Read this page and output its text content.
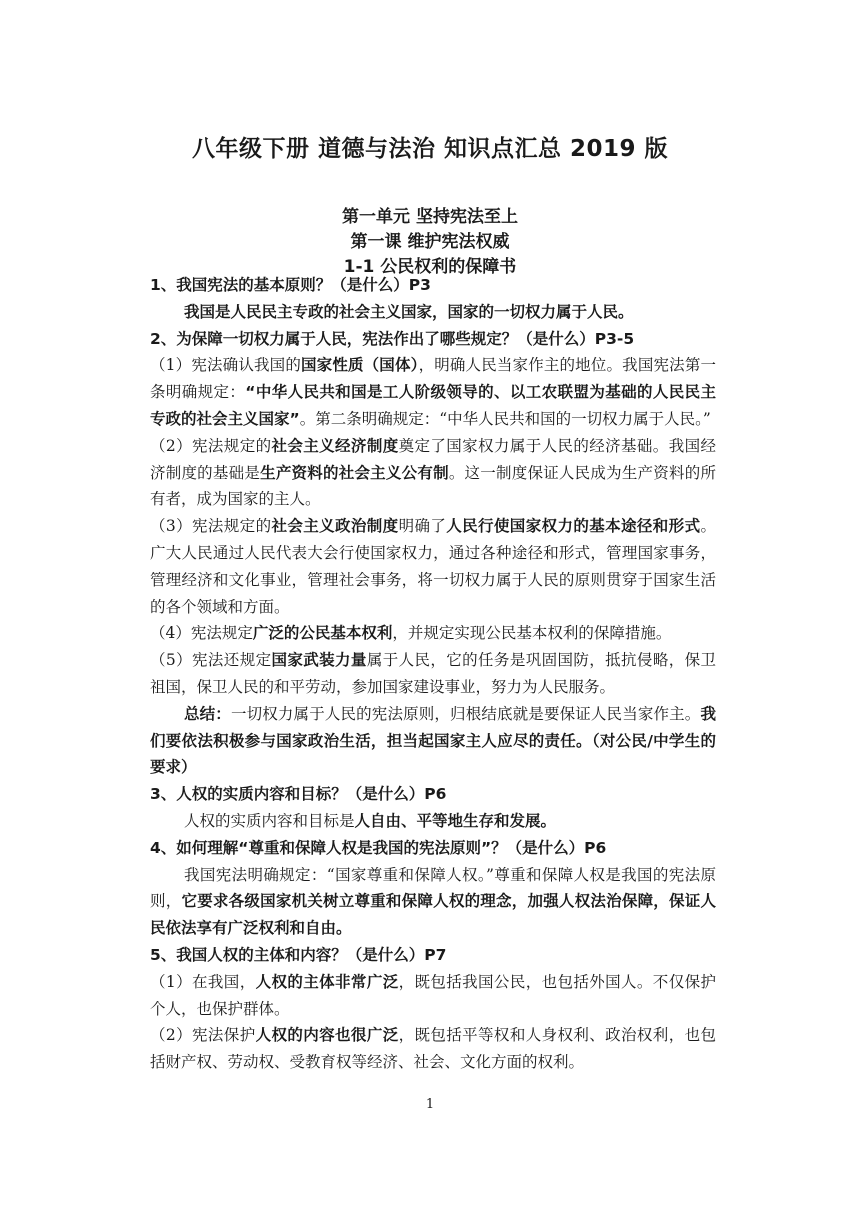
八年级下册 道德与法治 知识点汇总 2019 版
第一单元 坚持宪法至上
第一课 维护宪法权威
1-1 公民权利的保障书

1、我国宪法的基本原则？（是什么）P3

我国是人民民主专政的社会主义国家，国家的一切权力属于人民。

2、为保障一切权力属于人民，宪法作出了哪些规定？（是什么）P3-5

（1）宪法确认我国的国家性质（国体），明确人民当家作主的地位。我国宪法第一条明确规定：“中华人民共和国是工人阶级领导的、以工农联盟为基础的人民民主专政的社会主义国家”。第二条明确规定：“中华人民共和国的一切权力属于人民。”

（2）宪法规定的社会主义经济制度奠定了国家权力属于人民的经济基础。我国经济制度的基础是生产资料的社会主义公有制。这一制度保证人民成为生产资料的所有者，成为国家的主人。

（3）宪法规定的社会主义政治制度明确了人民行使国家权力的基本途径和形式。广大人民通过人民代表大会行使国家权力，通过各种途径和形式，管理国家事务，管理经济和文化事业，管理社会事务，将一切权力属于人民的原则贯穿于国家生活的各个领域和方面。

（4）宪法规定广泛的公民基本权利，并规定实现公民基本权利的保障措施。

（5）宪法还规定国家武装力量属于人民，它的任务是巩固国防，抵抗侵略，保卫祖国，保卫人民的和平劳动，参加国家建设事业，努力为人民服务。

总结：一切权力属于人民的宪法原则，归根结底就是要保证人民当家作主。我们要依法积极参与国家政治生活，担当起国家主人应尽的责任。（对公民/中学生的要求）

3、人权的实质内容和目标？（是什么）P6

人权的实质内容和目标是人自由、平等地生存和发展。

4、如何理解“尊重和保障人权是我国的宪法原则”？（是什么）P6

我国宪法明确规定：“国家尊重和保障人权。”尊重和保障人权是我国的宪法原则，它要求各级国家机关树立尊重和保障人权的理念，加强人权法治保障，保证人民依法享有广泛权利和自由。

5、我国人权的主体和内容？（是什么）P7

（1）在我国，人权的主体非常广泛，既包括我国公民，也包括外国人。不仅保护个人，也保护群体。

（2）宪法保护人权的内容也很广泛，既包括平等权和人身权利、政治权利，也包括财产权、劳动权、受教育权等经济、社会、文化方面的权利。

1
